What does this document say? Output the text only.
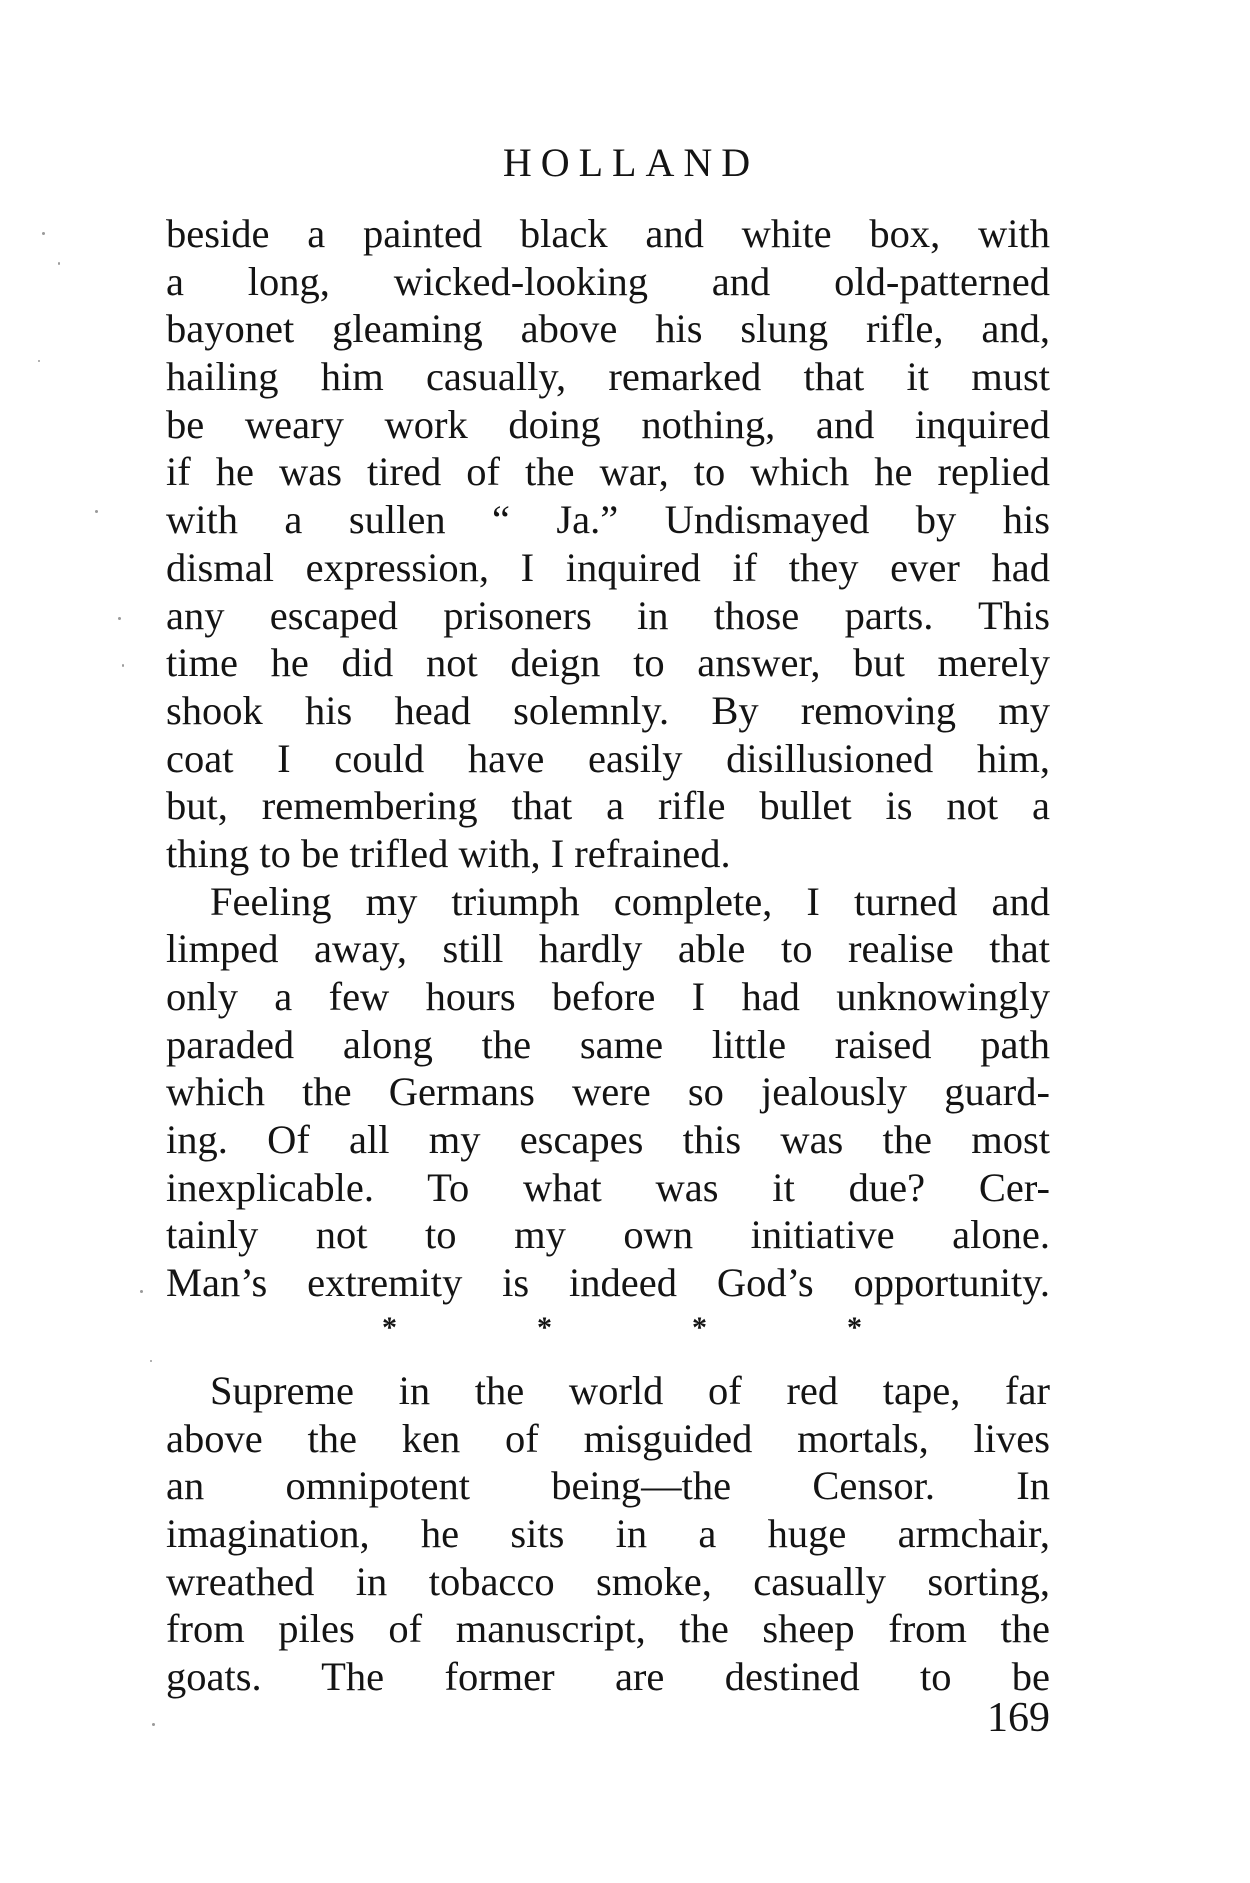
HOLLAND
beside a painted black and white box, with
a long, wicked-looking and old-patterned
bayonet gleaming above his slung rifle, and,
hailing him casually, remarked that it must
be weary work doing nothing, and inquired
if he was tired of the war, to which he replied
with a sullen “ Ja.” Undismayed by his
dismal expression, I inquired if they ever had
any escaped prisoners in those parts. This
time he did not deign to answer, but merely
shook his head solemnly. By removing my
coat I could have easily disillusioned him,
but, remembering that a rifle bullet is not a
thing to be trifled with, I refrained.
Feeling my triumph complete, I turned and
limped away, still hardly able to realise that
only a few hours before I had unknowingly
paraded along the same little raised path
which the Germans were so jealously guard-
ing. Of all my escapes this was the most
inexplicable. To what was it due? Cer-
tainly not to my own initiative alone.
Man’s extremity is indeed God’s opportunity.
*	*	*	*
Supreme in the world of red tape, far
above the ken of misguided mortals, lives
an omnipotent being—the Censor. In
imagination, he sits in a huge armchair,
wreathed in tobacco smoke, casually sorting,
from piles of manuscript, the sheep from the
goats. The former are destined to be
169
